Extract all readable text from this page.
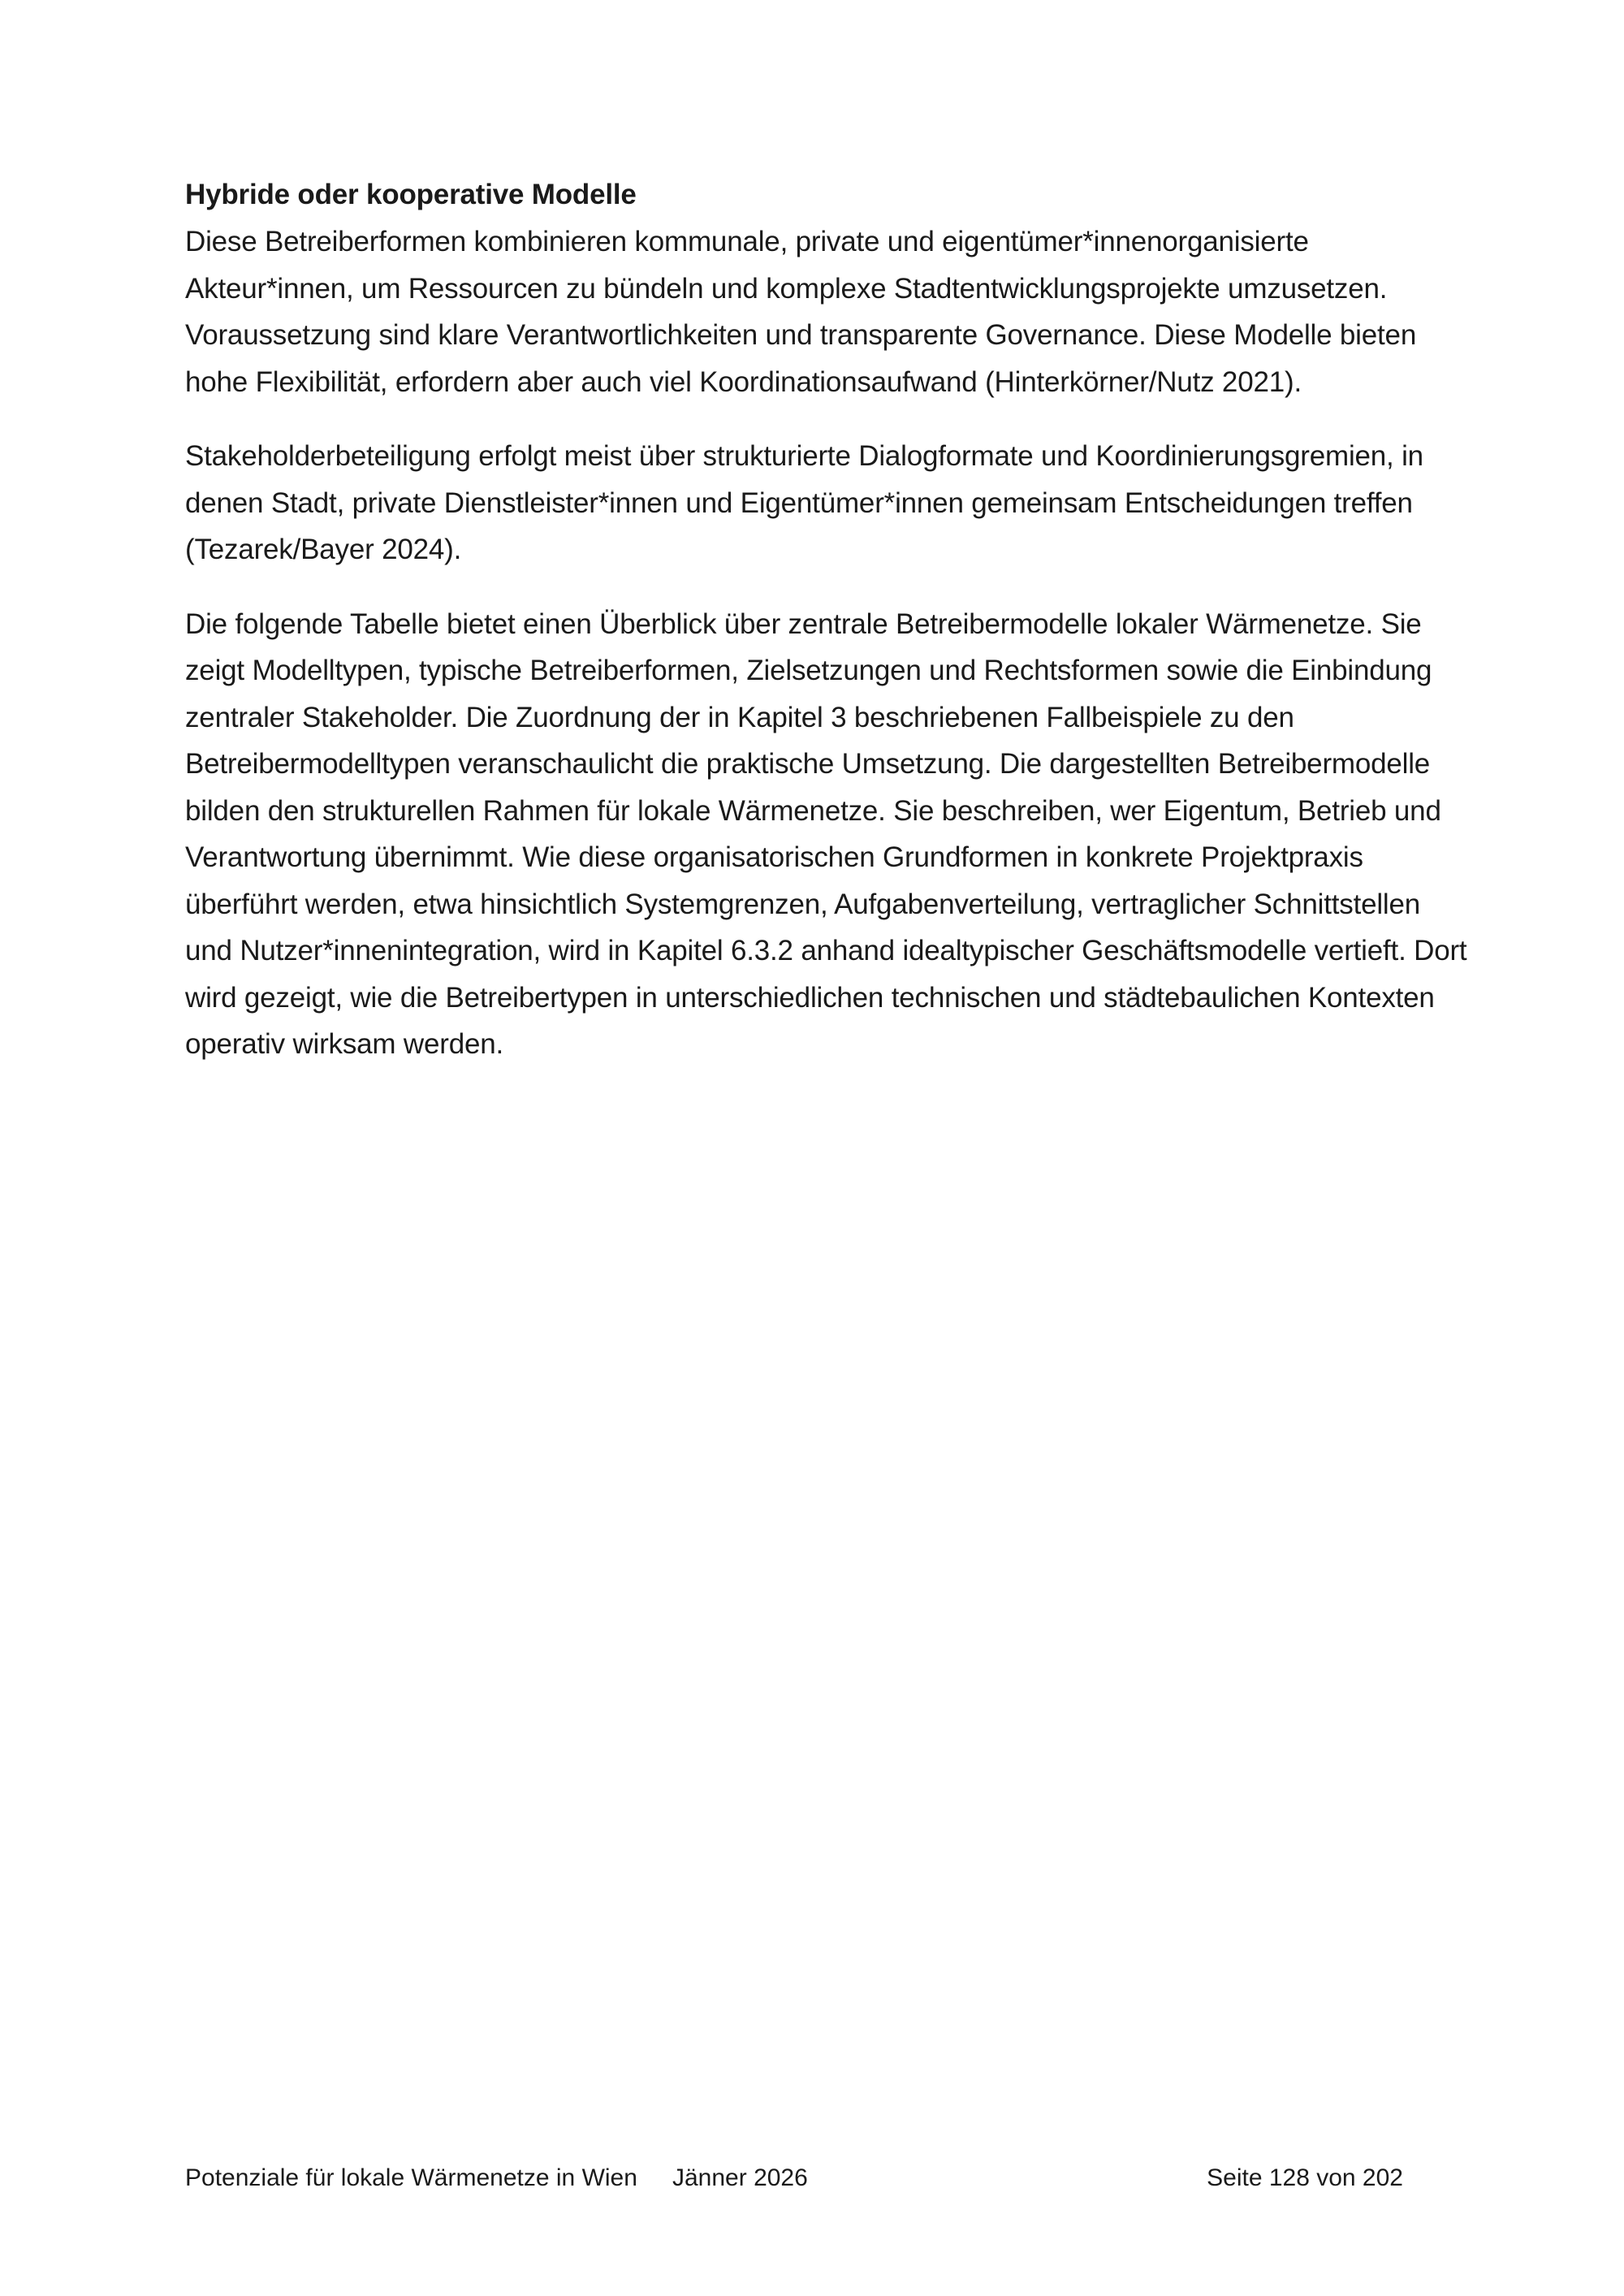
Hybride oder kooperative Modelle

Diese Betreiberformen kombinieren kommunale, private und eigentümer*innenorganisierte Akteur*innen, um Ressourcen zu bündeln und komplexe Stadtentwicklungsprojekte umzusetzen. Voraussetzung sind klare Verantwortlichkeiten und transparente Governance. Diese Modelle bieten hohe Flexibilität, erfordern aber auch viel Koordinationsaufwand (Hinterkörner/Nutz 2021).

Stakeholderbeteiligung erfolgt meist über strukturierte Dialogformate und Koordinierungsgremien, in denen Stadt, private Dienstleister*innen und Eigentümer*innen gemeinsam Entscheidungen treffen (Tezarek/Bayer 2024).

Die folgende Tabelle bietet einen Überblick über zentrale Betreibermodelle lokaler Wärmenetze. Sie zeigt Modelltypen, typische Betreiberformen, Zielsetzungen und Rechtsformen sowie die Einbindung zentraler Stakeholder. Die Zuordnung der in Kapitel 3 beschriebenen Fallbeispiele zu den Betreibermodelltypen veranschaulicht die praktische Umsetzung. Die dargestellten Betreibermodelle bilden den strukturellen Rahmen für lokale Wärmenetze. Sie beschreiben, wer Eigentum, Betrieb und Verantwortung übernimmt. Wie diese organisatorischen Grundformen in konkrete Projektpraxis überführt werden, etwa hinsichtlich Systemgrenzen, Aufgabenverteilung, vertraglicher Schnittstellen und Nutzer*innenintegration, wird in Kapitel 6.3.2 anhand idealtypischer Geschäftsmodelle vertieft. Dort wird gezeigt, wie die Betreibertypen in unterschiedlichen technischen und städtebaulichen Kontexten operativ wirksam werden.

Potenziale für lokale Wärmenetze in Wien Jänner 2026	Seite 128 von 202
